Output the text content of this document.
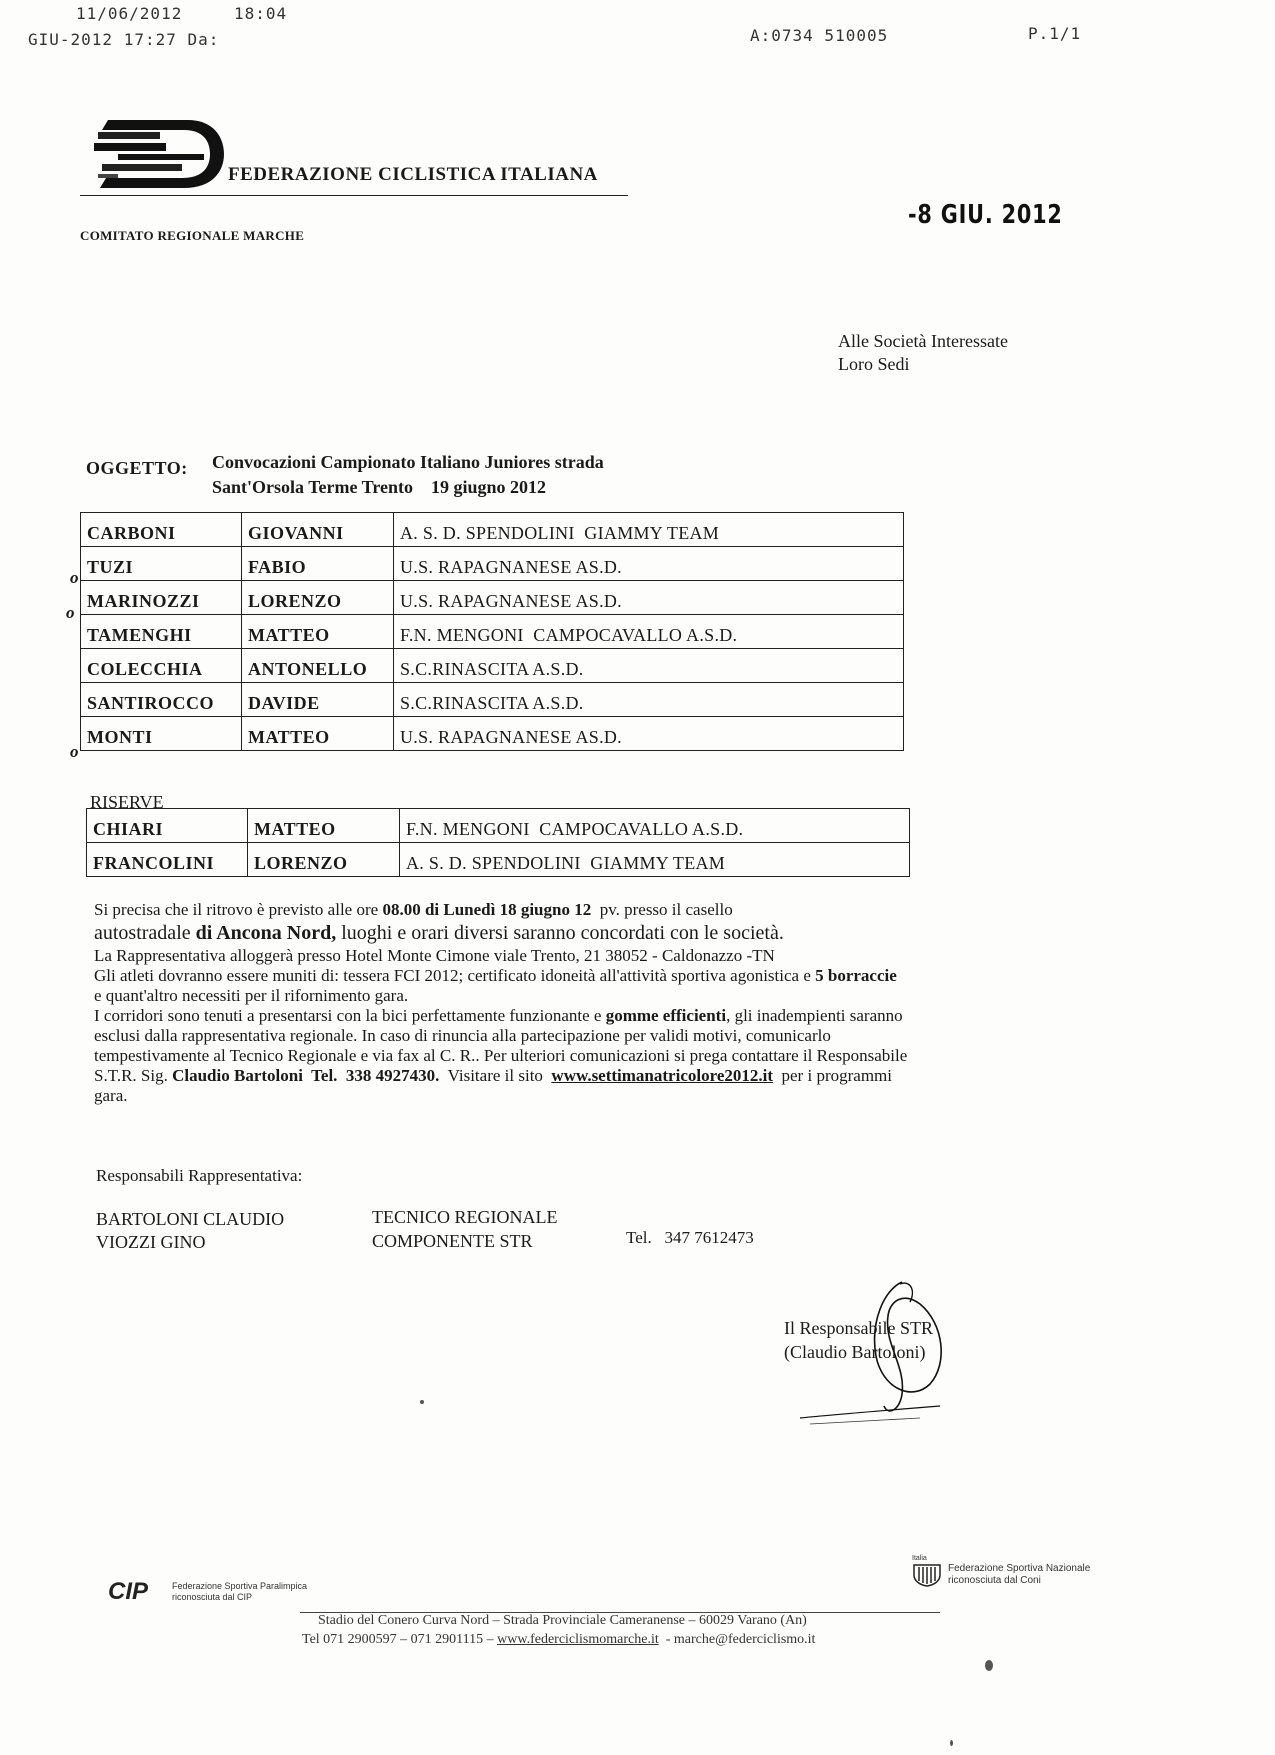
11/06/2012	18:04
GIU-2012 17:27 Da:	A:0734 510005	P.1/1
FEDERAZIONE CICLISTICA ITALIANA
COMITATO REGIONALE MARCHE
-8 GIU. 2012
Alle Società Interessate
Loro Sedi
OGGETTO: Convocazioni Campionato Italiano Juniores strada
Sant'Orsola Terme Trento    19 giugno 2012
CARBONI	GIOVANNI	A. S. D. SPENDOLINI  GIAMMY TEAM
TUZI	FABIO	U.S. RAPAGNANESE AS.D.
MARINOZZI	LORENZO	U.S. RAPAGNANESE AS.D.
TAMENGHI	MATTEO	F.N. MENGONI  CAMPOCAVALLO A.S.D.
COLECCHIA	ANTONELLO	S.C.RINASCITA A.S.D.
SANTIROCCO	DAVIDE	S.C.RINASCITA A.S.D.
MONTI	MATTEO	U.S. RAPAGNANESE AS.D.
o
o
o
RISERVE
CHIARI	MATTEO	F.N. MENGONI  CAMPOCAVALLO A.S.D.
FRANCOLINI	LORENZO	A. S. D. SPENDOLINI  GIAMMY TEAM

Si precisa che il ritrovo è previsto alle ore 08.00 di Lunedì 18 giugno 12  pv. presso il casello

autostradale di Ancona Nord, luoghi e orari diversi saranno concordati con le società.

La Rappresentativa alloggerà presso Hotel Monte Cimone viale Trento, 21 38052 - Caldonazzo -TN

Gli atleti dovranno essere muniti di: tessera FCI 2012; certificato idoneità all'attività sportiva agonistica e 5 borraccie

e quant'altro necessiti per il rifornimento gara.

I corridori sono tenuti a presentarsi con la bici perfettamente funzionante e gomme efficienti, gli inadempienti saranno

esclusi dalla rappresentativa regionale. In caso di rinuncia alla partecipazione per validi motivi, comunicarlo

tempestivamente al Tecnico Regionale e via fax al C. R.. Per ulteriori comunicazioni si prega contattare il Responsabile

S.T.R. Sig. Claudio Bartoloni  Tel.  338 4927430.  Visitare il sito  www.settimanatricolore2012.it  per i programmi

gara.

Responsabili Rappresentativa:
BARTOLONI CLAUDIO
VIOZZI GINO
TECNICO REGIONALE
COMPONENTE STR	Tel.   347 7612473
Il Responsabile STR
(Claudio Bartoloni)
CIP	Federazione Sportiva Paralimpica
riconosciuta dal CIP
Italia
Federazione Sportiva Nazionale
riconosciuta dal Coni
Stadio del Conero Curva Nord – Strada Provinciale Cameranense – 60029 Varano (An)
Tel 071 2900597 – 071 2901115 – www.federciclismomarche.it  - marche@federciclismo.it
